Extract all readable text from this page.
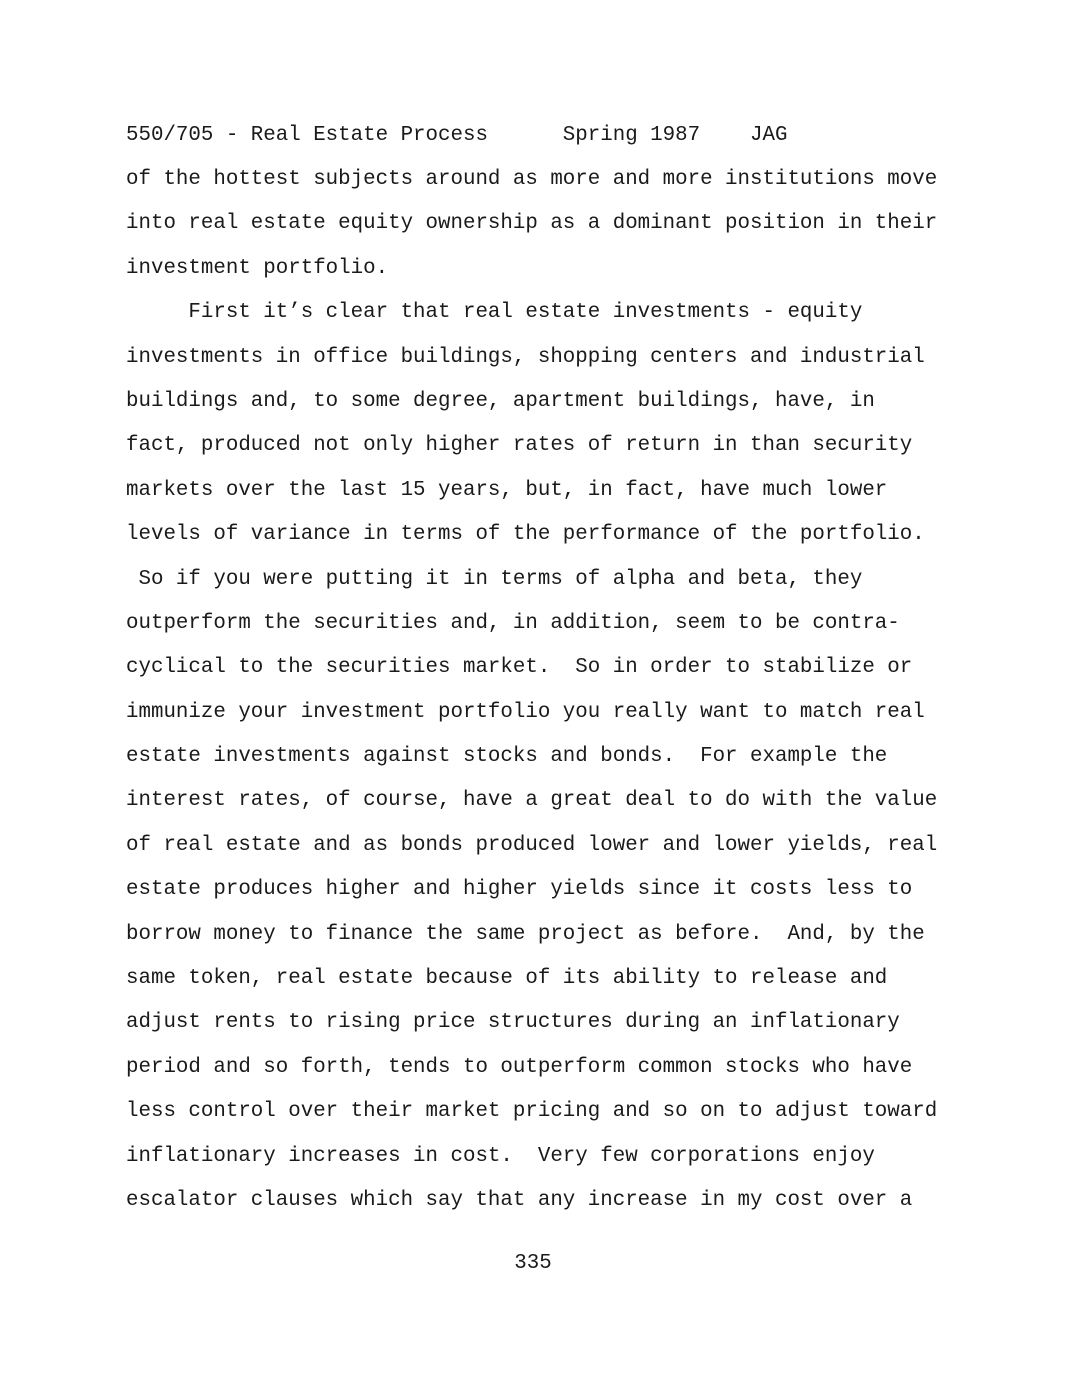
550/705 - Real Estate Process      Spring 1987    JAG
of the hottest subjects around as more and more institutions move
into real estate equity ownership as a dominant position in their
investment portfolio.
First it’s clear that real estate investments - equity
investments in office buildings, shopping centers and industrial
buildings and, to some degree, apartment buildings, have, in
fact, produced not only higher rates of return in than security
markets over the last 15 years, but, in fact, have much lower
levels of variance in terms of the performance of the portfolio.
So if you were putting it in terms of alpha and beta, they
outperform the securities and, in addition, seem to be contra-
cyclical to the securities market.  So in order to stabilize or
immunize your investment portfolio you really want to match real
estate investments against stocks and bonds.  For example the
interest rates, of course, have a great deal to do with the value
of real estate and as bonds produced lower and lower yields, real
estate produces higher and higher yields since it costs less to
borrow money to finance the same project as before.  And, by the
same token, real estate because of its ability to release and
adjust rents to rising price structures during an inflationary
period and so forth, tends to outperform common stocks who have
less control over their market pricing and so on to adjust toward
inflationary increases in cost.  Very few corporations enjoy
escalator clauses which say that any increase in my cost over a
335
